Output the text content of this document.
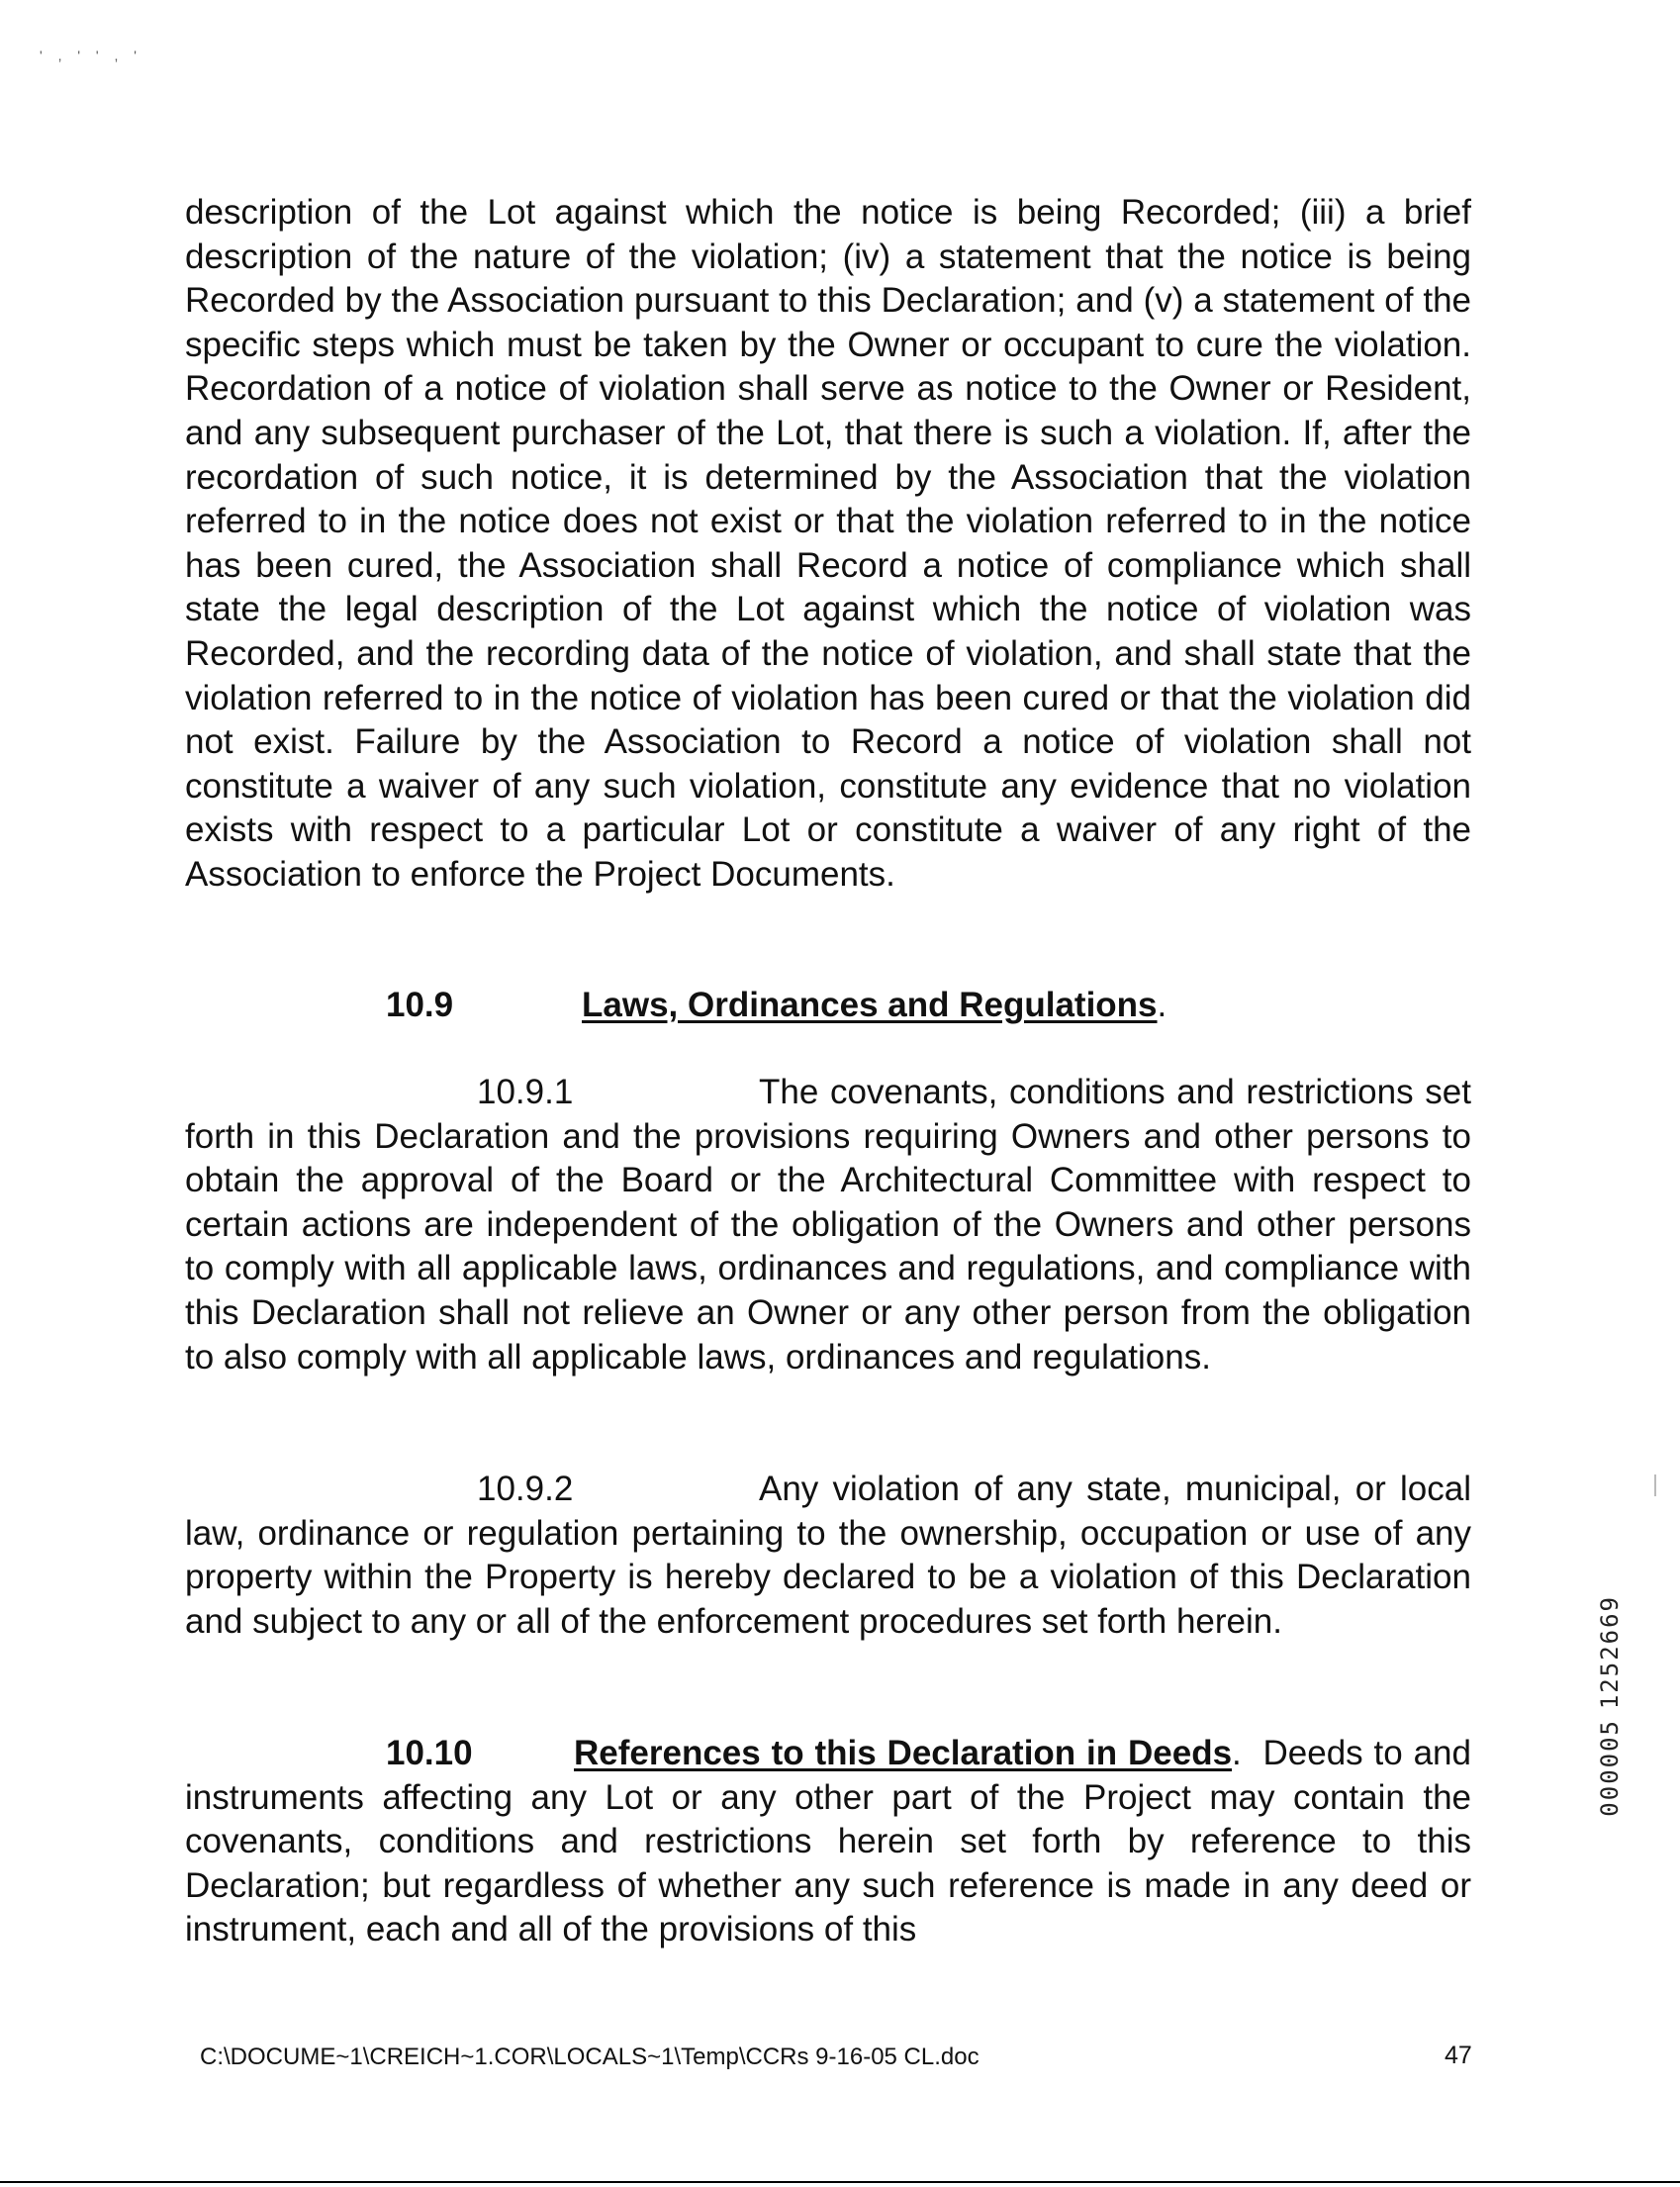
' , ' ' , '
description of the Lot against which the notice is being Recorded; (iii) a brief description of the nature of the violation; (iv) a statement that the notice is being Recorded by the Association pursuant to this Declaration; and (v) a statement of the specific steps which must be taken by the Owner or occupant to cure the violation. Recordation of a notice of violation shall serve as notice to the Owner or Resident, and any subsequent purchaser of the Lot, that there is such a violation. If, after the recordation of such notice, it is determined by the Association that the violation referred to in the notice does not exist or that the violation referred to in the notice has been cured, the Association shall Record a notice of compliance which shall state the legal description of the Lot against which the notice of violation was Recorded, and the recording data of the notice of violation, and shall state that the violation referred to in the notice of violation has been cured or that the violation did not exist. Failure by the Association to Record a notice of violation shall not constitute a waiver of any such violation, constitute any evidence that no violation exists with respect to a particular Lot or constitute a waiver of any right of the Association to enforce the Project Documents.
10.9	Laws, Ordinances and Regulations.
10.9.1	The covenants, conditions and restrictions set forth in this Declaration and the provisions requiring Owners and other persons to obtain the approval of the Board or the Architectural Committee with respect to certain actions are independent of the obligation of the Owners and other persons to comply with all applicable laws, ordinances and regulations, and compliance with this Declaration shall not relieve an Owner or any other person from the obligation to also comply with all applicable laws, ordinances and regulations.
10.9.2	Any violation of any state, municipal, or local law, ordinance or regulation pertaining to the ownership, occupation or use of any property within the Property is hereby declared to be a violation of this Declaration and subject to any or all of the enforcement procedures set forth herein.
10.10	References to this Declaration in Deeds. Deeds to and instruments affecting any Lot or any other part of the Project may contain the covenants, conditions and restrictions herein set forth by reference to this Declaration; but regardless of whether any such reference is made in any deed or instrument, each and all of the provisions of this
1252669
000005
C:\DOCUME~1\CREICH~1.COR\LOCALS~1\Temp\CCRs 9-16-05 CL.doc	47
